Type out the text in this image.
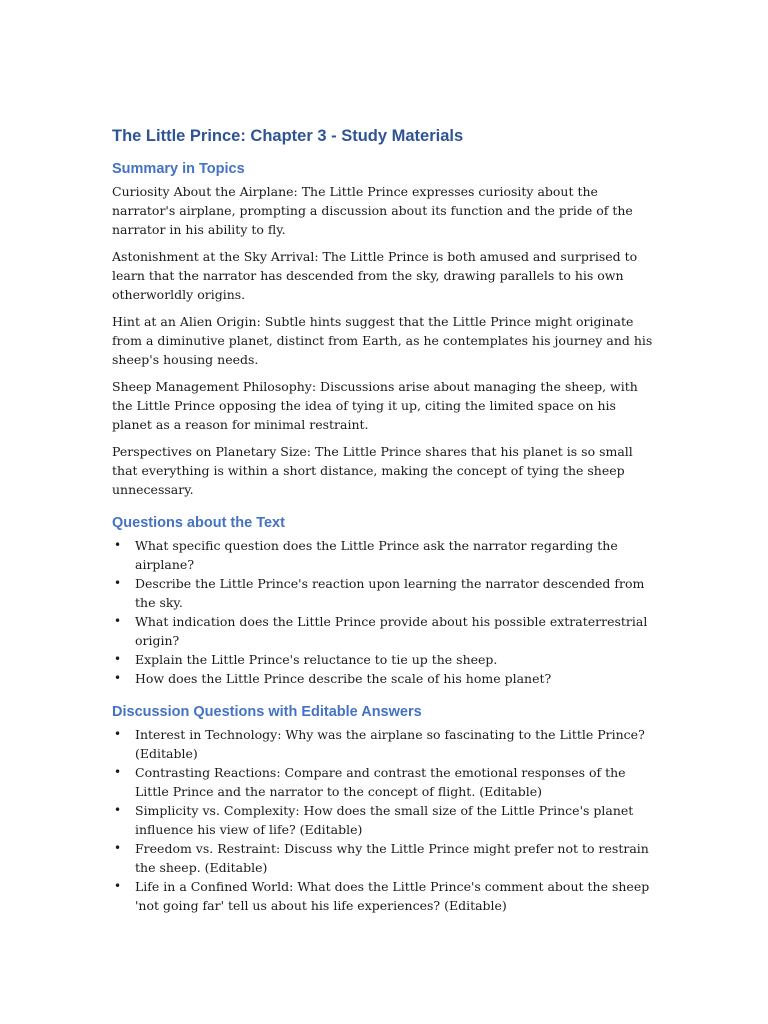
The Little Prince: Chapter 3 - Study Materials
Summary in Topics

Curiosity About the Airplane: The Little Prince expresses curiosity about the narrator's airplane, prompting a discussion about its function and the pride of the narrator in his ability to fly.

Astonishment at the Sky Arrival: The Little Prince is both amused and surprised to learn that the narrator has descended from the sky, drawing parallels to his own otherworldly origins.

Hint at an Alien Origin: Subtle hints suggest that the Little Prince might originate from a diminutive planet, distinct from Earth, as he contemplates his journey and his sheep's housing needs.

Sheep Management Philosophy: Discussions arise about managing the sheep, with the Little Prince opposing the idea of tying it up, citing the limited space on his planet as a reason for minimal restraint.

Perspectives on Planetary Size: The Little Prince shares that his planet is so small that everything is within a short distance, making the concept of tying the sheep unnecessary.

Questions about the Text
• What specific question does the Little Prince ask the narrator regarding the airplane?
• Describe the Little Prince's reaction upon learning the narrator descended from the sky.
• What indication does the Little Prince provide about his possible extraterrestrial origin?
• Explain the Little Prince's reluctance to tie up the sheep.
• How does the Little Prince describe the scale of his home planet?
Discussion Questions with Editable Answers
• Interest in Technology: Why was the airplane so fascinating to the Little Prince? (Editable)
• Contrasting Reactions: Compare and contrast the emotional responses of the Little Prince and the narrator to the concept of flight. (Editable)
• Simplicity vs. Complexity: How does the small size of the Little Prince's planet influence his view of life? (Editable)
• Freedom vs. Restraint: Discuss why the Little Prince might prefer not to restrain the sheep. (Editable)
• Life in a Confined World: What does the Little Prince's comment about the sheep 'not going far' tell us about his life experiences? (Editable)
